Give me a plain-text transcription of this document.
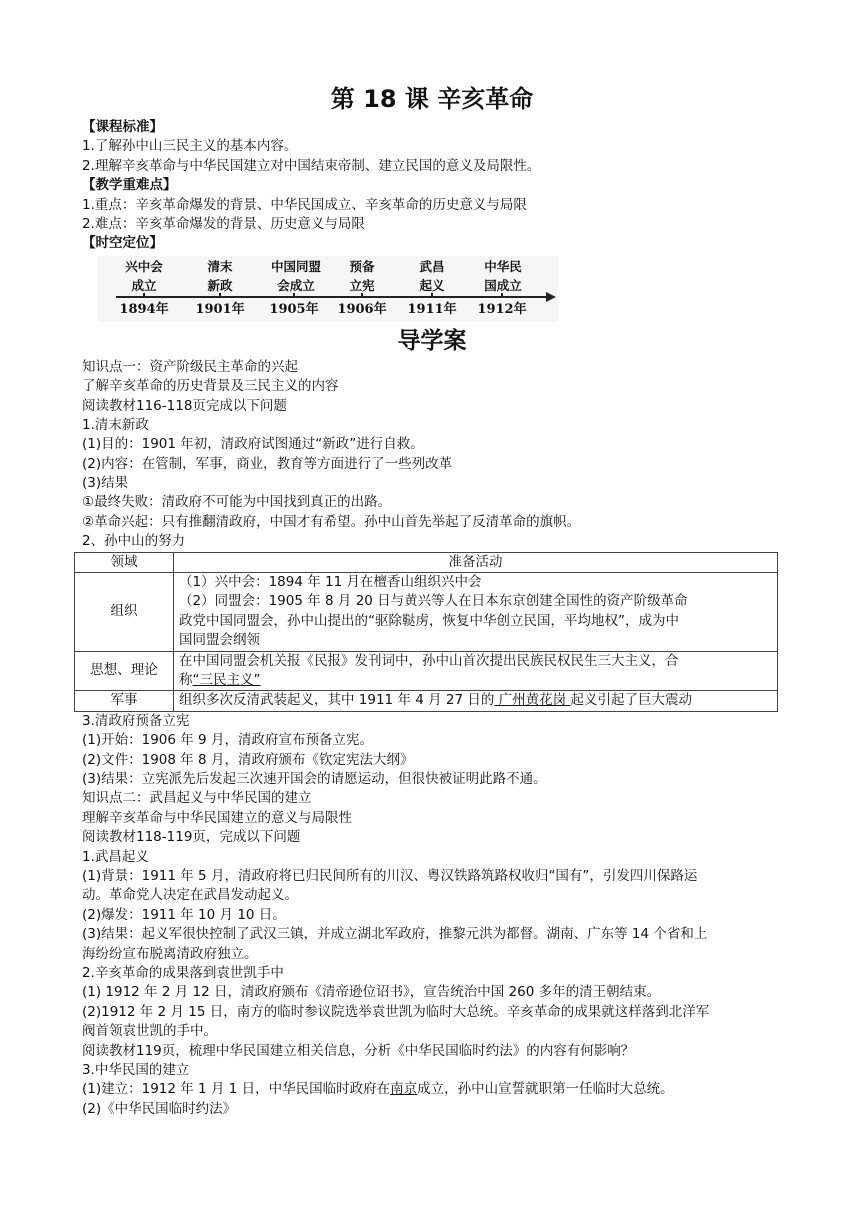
第 18 课 辛亥革命
【课程标准】
1.了解孙中山三民主义的基本内容。
2.理解辛亥革命与中华民国建立对中国结束帝制、建立民国的意义及局限性。
【教学重难点】
1.重点：辛亥革命爆发的背景、中华民国成立、辛亥革命的历史意义与局限
2.难点：辛亥革命爆发的背景、历史意义与局限
【时空定位】
兴中会
成立
清末
新政
中国同盟
会成立
预备
立宪
武昌
起义
中华民
国成立
1894年	1901年	1905年	1906年	1911年	1912年
导学案
知识点一：资产阶级民主革命的兴起
了解辛亥革命的历史背景及三民主义的内容
阅读教材116-118页完成以下问题
1.清末新政
(1)目的：1901 年初，清政府试图通过“新政”进行自救。
(2)内容：在管制，军事，商业，教育等方面进行了一些列改革
(3)结果
①最终失败：清政府不可能为中国找到真正的出路。
②革命兴起：只有推翻清政府，中国才有希望。孙中山首先举起了反清革命的旗帜。
2、孙中山的努力
领域	准备活动
组织	（1）兴中会：1894 年 11 月在檀香山组织兴中会
（2）同盟会：1905 年 8 月 20 日与黄兴等人在日本东京创建全国性的资产阶级革命
政党中国同盟会，孙中山提出的“驱除鞑虏，恢复中华创立民国，平均地权”，成为中
国同盟会纲领

思想、理论	在中国同盟会机关报《民报》发刊词中，孙中山首次提出民族民权民生三大主义，合
称“三民主义”

军事	组织多次反清武装起义，其中 1911 年 4 月 27 日的 广州黄花岗 起义引起了巨大震动
3.清政府预备立宪
(1)开始：1906 年 9 月，清政府宣布预备立宪。
(2)文件：1908 年 8 月，清政府颁布《钦定宪法大纲》
(3)结果：立宪派先后发起三次速开国会的请愿运动，但很快被证明此路不通。
知识点二：武昌起义与中华民国的建立
理解辛亥革命与中华民国建立的意义与局限性
阅读教材118-119页，完成以下问题
1.武昌起义
(1)背景：1911 年 5 月，清政府将已归民间所有的川汉、粤汉铁路筑路权收归“国有”，引发四川保路运
动。革命党人决定在武昌发动起义。
(2)爆发：1911 年 10 月 10 日。
(3)结果：起义军很快控制了武汉三镇，并成立湖北军政府，推黎元洪为都督。湖南、广东等 14 个省和上
海纷纷宣布脱离清政府独立。
2.辛亥革命的成果落到袁世凯手中
(1) 1912 年 2 月 12 日，清政府颁布《清帝逊位诏书》，宣告统治中国 260 多年的清王朝结束。
(2)1912 年 2 月 15 日，南方的临时参议院选举袁世凯为临时大总统。辛亥革命的成果就这样落到北洋军
阀首领袁世凯的手中。
阅读教材119页，梳理中华民国建立相关信息，分析《中华民国临时约法》的内容有何影响？
3.中华民国的建立
(1)建立：1912 年 1 月 1 日，中华民国临时政府在南京成立，孙中山宣誓就职第一任临时大总统。
(2)《中华民国临时约法》
